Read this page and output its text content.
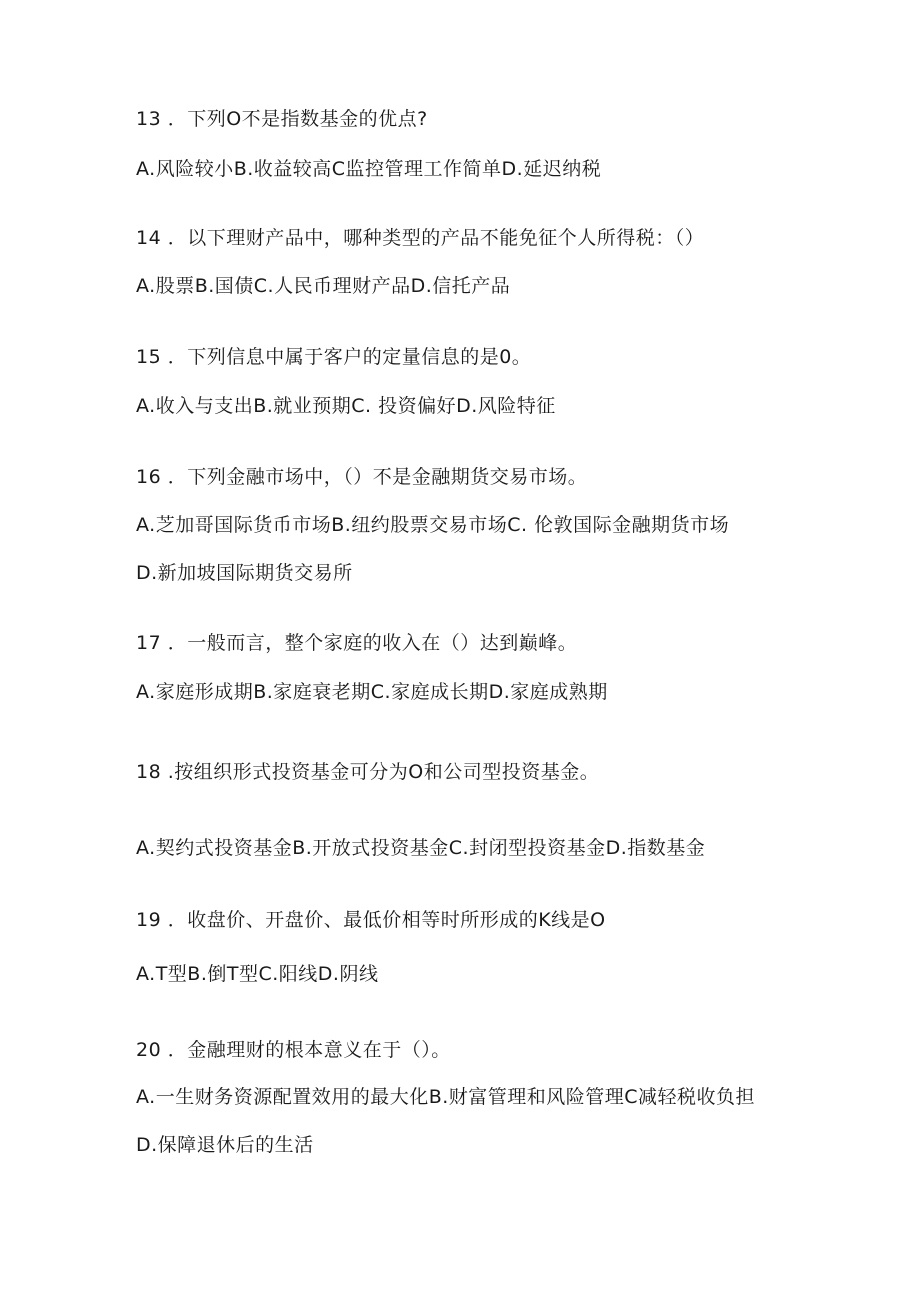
13 ．下列O不是指数基金的优点?
A.风险较小B.收益较高C监控管理工作简单D.延迟纳税
14 ．以下理财产品中，哪种类型的产品不能免征个人所得税：（）
A.股票B.国债C.人民币理财产品D.信托产品
15 ．下列信息中属于客户的定量信息的是0。
A.收入与支出B.就业预期C. 投资偏好D.风险特征
16 ．下列金融市场中，（）不是金融期货交易市场。
A.芝加哥国际货币市场B.纽约股票交易市场C. 伦敦国际金融期货市场
D.新加坡国际期货交易所
17 ．一般而言，整个家庭的收入在（）达到巅峰。
A.家庭形成期B.家庭衰老期C.家庭成长期D.家庭成熟期
18 .按组织形式投资基金可分为O和公司型投资基金。
A.契约式投资基金B.开放式投资基金C.封闭型投资基金D.指数基金
19 ．收盘价、开盘价、最低价相等时所形成的K线是O
A.T型B.倒T型C.阳线D.阴线
20 ．金融理财的根本意义在于（）。
A.一生财务资源配置效用的最大化B.财富管理和风险管理C减轻税收负担
D.保障退休后的生活
